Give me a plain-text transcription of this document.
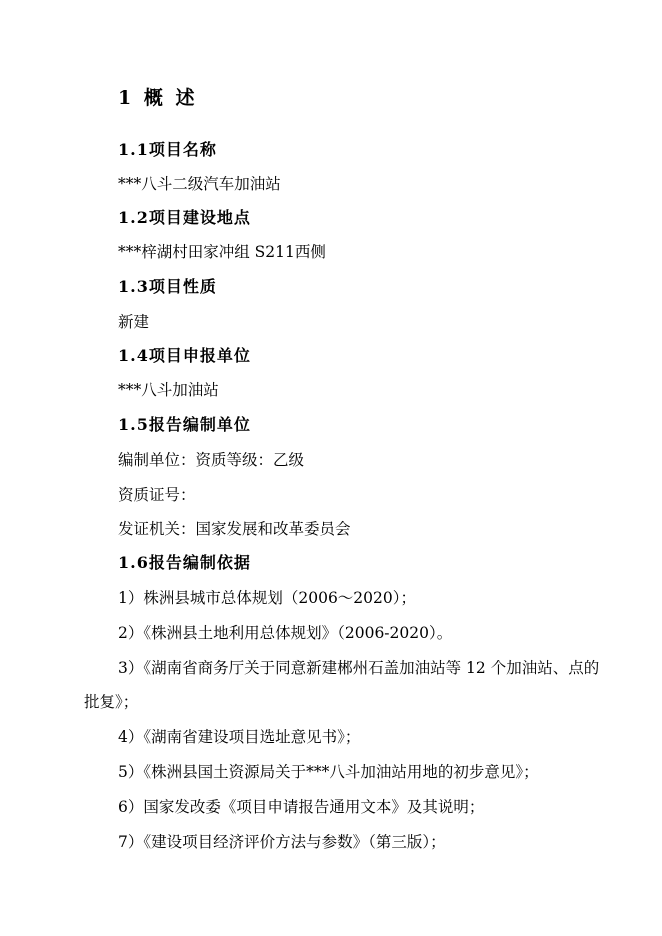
1 概 述
1.1项目名称
***八斗二级汽车加油站
1.2项目建设地点
***梓湖村田家冲组 S211西侧
1.3项目性质
新建
1.4项目申报单位
***八斗加油站
1.5报告编制单位
编制单位：资质等级：乙级
资质证号：
发证机关：国家发展和改革委员会
1.6报告编制依据
1）株洲县城市总体规划（2006～2020）；
2）《株洲县土地利用总体规划》（2006-2020）。
3）《湖南省商务厅关于同意新建郴州石盖加油站等 12 个加油站、点的
批复》；
4）《湖南省建设项目选址意见书》；
5）《株洲县国土资源局关于***八斗加油站用地的初步意见》；
6）国家发改委《项目申请报告通用文本》及其说明；
7）《建设项目经济评价方法与参数》（第三版）；
